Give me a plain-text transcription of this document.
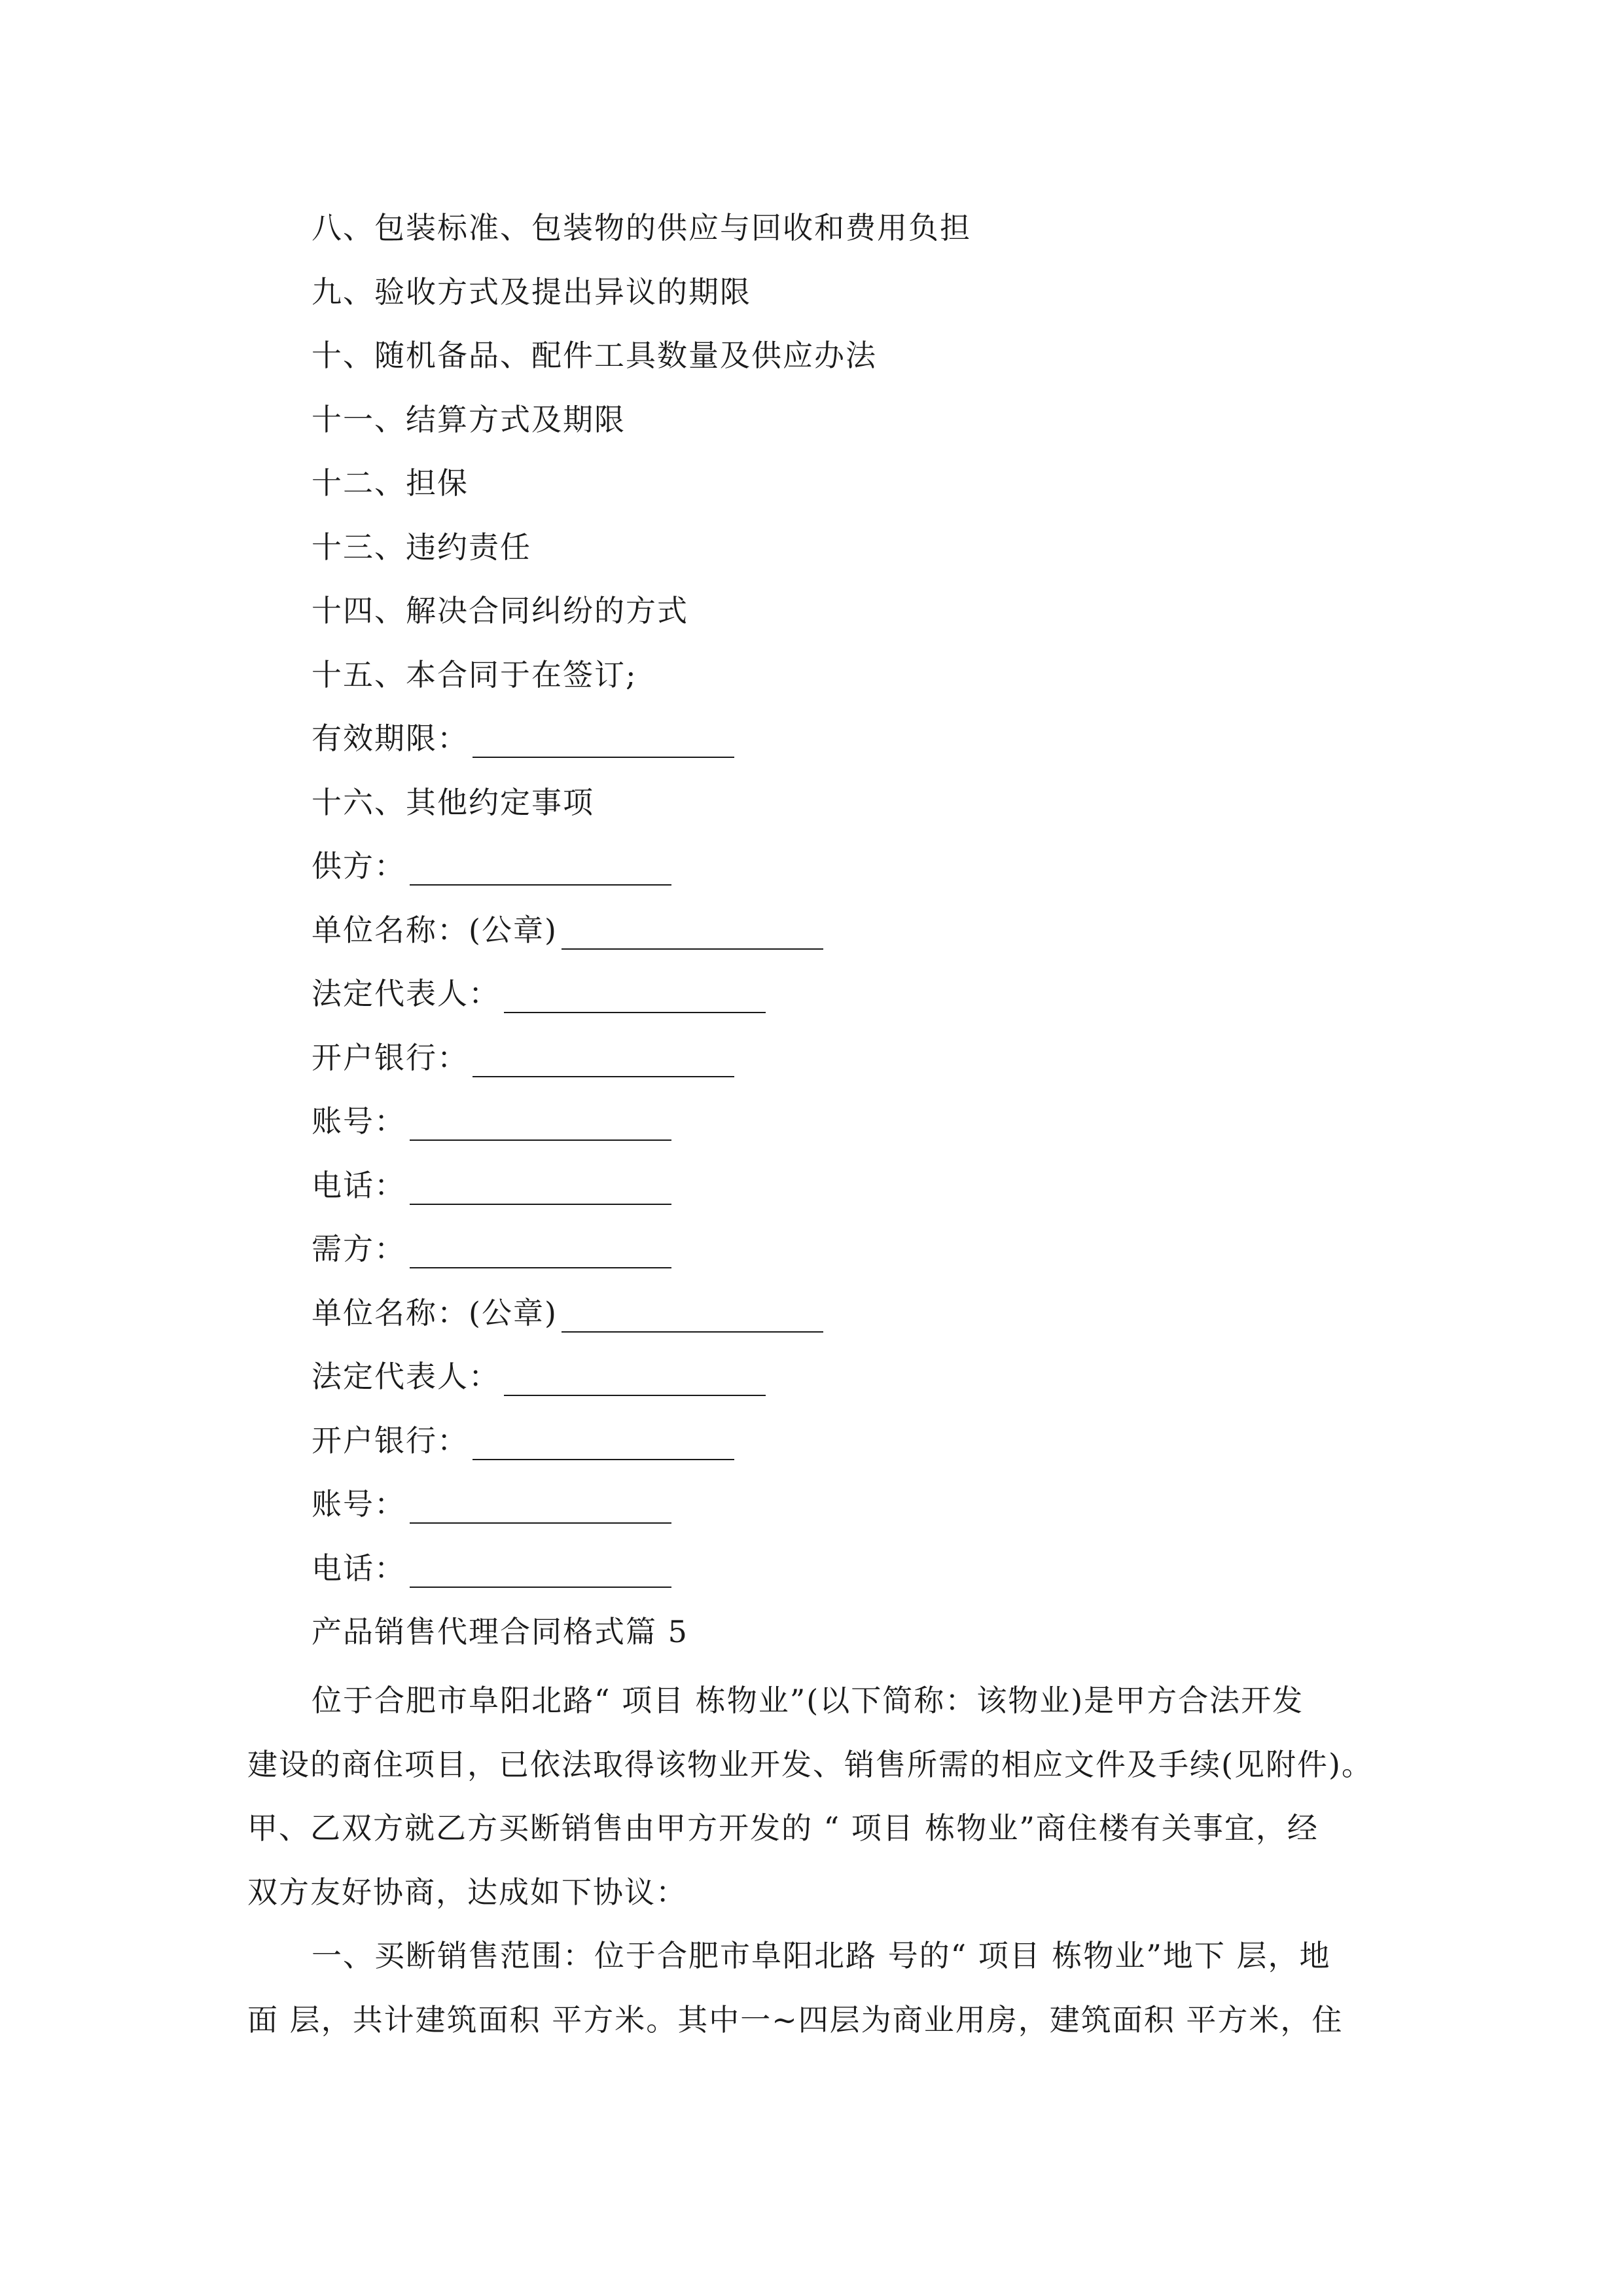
八、包装标准、包装物的供应与回收和费用负担
九、验收方式及提出异议的期限
十、随机备品、配件工具数量及供应办法
十一、结算方式及期限
十二、担保
十三、违约责任
十四、解决合同纠纷的方式
十五、本合同于在签订;
有效期限：
十六、其他约定事项
供方：
单位名称：(公章)
法定代表人：
开户银行：
账号：
电话：
需方：
单位名称：(公章)
法定代表人：
开户银行：
账号：
电话：
产品销售代理合同格式篇 5
位于合肥市阜阳北路“ 项目 栋物业”(以下简称：该物业)是甲方合法开发
建设的商住项目，已依法取得该物业开发、销售所需的相应文件及手续(见附件)。
甲、乙双方就乙方买断销售由甲方开发的 “ 项目 栋物业”商住楼有关事宜，经
双方友好协商，达成如下协议：
一、买断销售范围：位于合肥市阜阳北路 号的“ 项目 栋物业”地下 层，地
面 层，共计建筑面积 平方米。其中一~四层为商业用房，建筑面积 平方米，住
